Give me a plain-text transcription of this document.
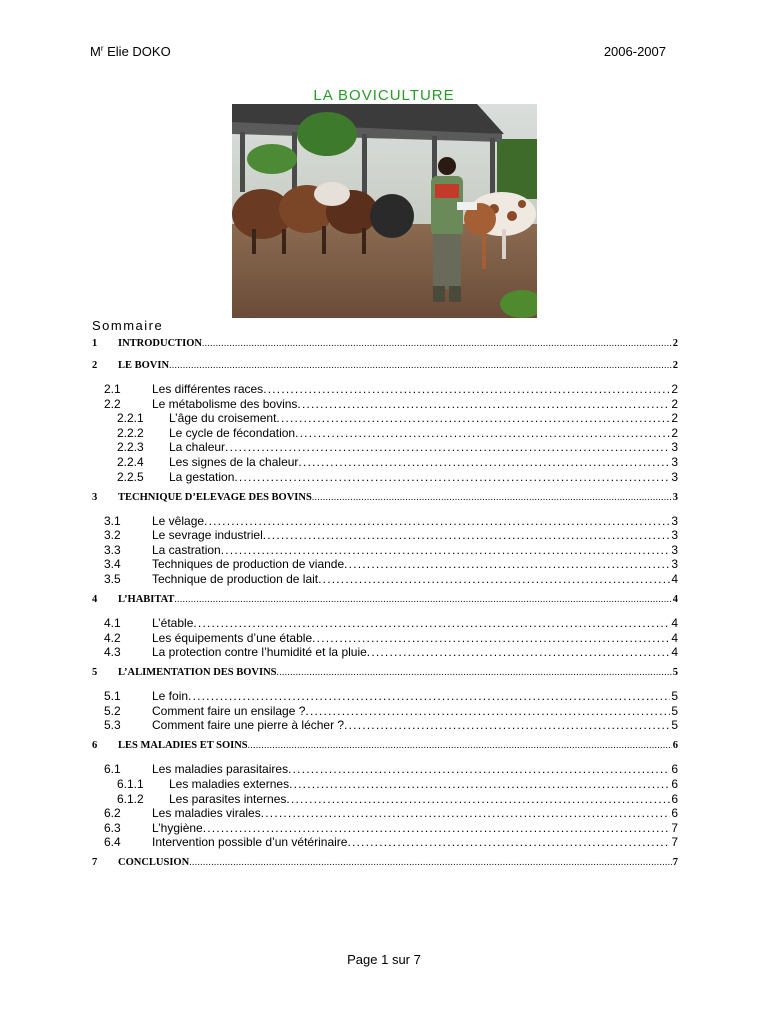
$M^r$ Elie DOKO	2006-2007
LA BOVICULTURE
Sommaire
1	INTRODUCTION .....	2
2	LE BOVIN .....	2
2.1	Les différentes races .....	2
2.2	Le métabolisme des bovins .....	2
2.2.1	L’âge du croisement .....	2
2.2.2	Le cycle de fécondation .....	2
2.2.3	La chaleur .....	3
2.2.4	Les signes de la chaleur .....	3
2.2.5	La gestation .....	3
3	TECHNIQUE D’ELEVAGE DES BOVINS .....	3
3.1	Le vêlage .....	3
3.2	Le sevrage industriel .....	3
3.3	La castration .....	3
3.4	Techniques de production de viande .....	3
3.5	Technique de production de lait .....	4
4	L’HABITAT .....	4
4.1	L’étable .....	4
4.2	Les équipements d’une étable .....	4
4.3	La protection contre l’humidité et la pluie .....	4
5	L’ALIMENTATION DES BOVINS .....	5
5.1	Le foin .....	5
5.2	Comment faire un ensilage ? .....	5
5.3	Comment faire une pierre à lécher ? .....	5
6	LES MALADIES ET SOINS .....	6
6.1	Les maladies parasitaires .....	6
6.1.1	Les maladies externes .....	6
6.1.2	Les parasites internes .....	6
6.2	Les maladies virales .....	6
6.3	L’hygiène .....	7
6.4	Intervention possible d’un vétérinaire .....	7
7	CONCLUSION .....	7
Page 1 sur 7
